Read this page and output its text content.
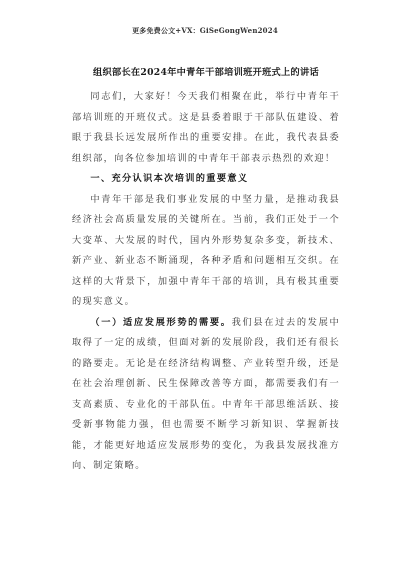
更多免费公文+VX：GiSeGongWen2024
组织部长在2024年中青年干部培训班开班式上的讲话

同志们，大家好！今天我们相聚在此，举行中青年干部培训班的开班仪式。这是县委着眼于干部队伍建设、着眼于我县长远发展所作出的重要安排。在此，我代表县委组织部，向各位参加培训的中青年干部表示热烈的欢迎！

一、充分认识本次培训的重要意义

中青年干部是我们事业发展的中坚力量，是推动我县经济社会高质量发展的关键所在。当前，我们正处于一个大变革、大发展的时代，国内外形势复杂多变，新技术、新产业、新业态不断涌现，各种矛盾和问题相互交织。在这样的大背景下，加强中青年干部的培训，具有极其重要的现实意义。

（一）适应发展形势的需要。我们县在过去的发展中取得了一定的成绩，但面对新的发展阶段，我们还有很长的路要走。无论是在经济结构调整、产业转型升级，还是在社会治理创新、民生保障改善等方面，都需要我们有一支高素质、专业化的干部队伍。中青年干部思维活跃、接受新事物能力强，但也需要不断学习新知识、掌握新技能，才能更好地适应发展形势的变化，为我县发展找准方向、制定策略。
